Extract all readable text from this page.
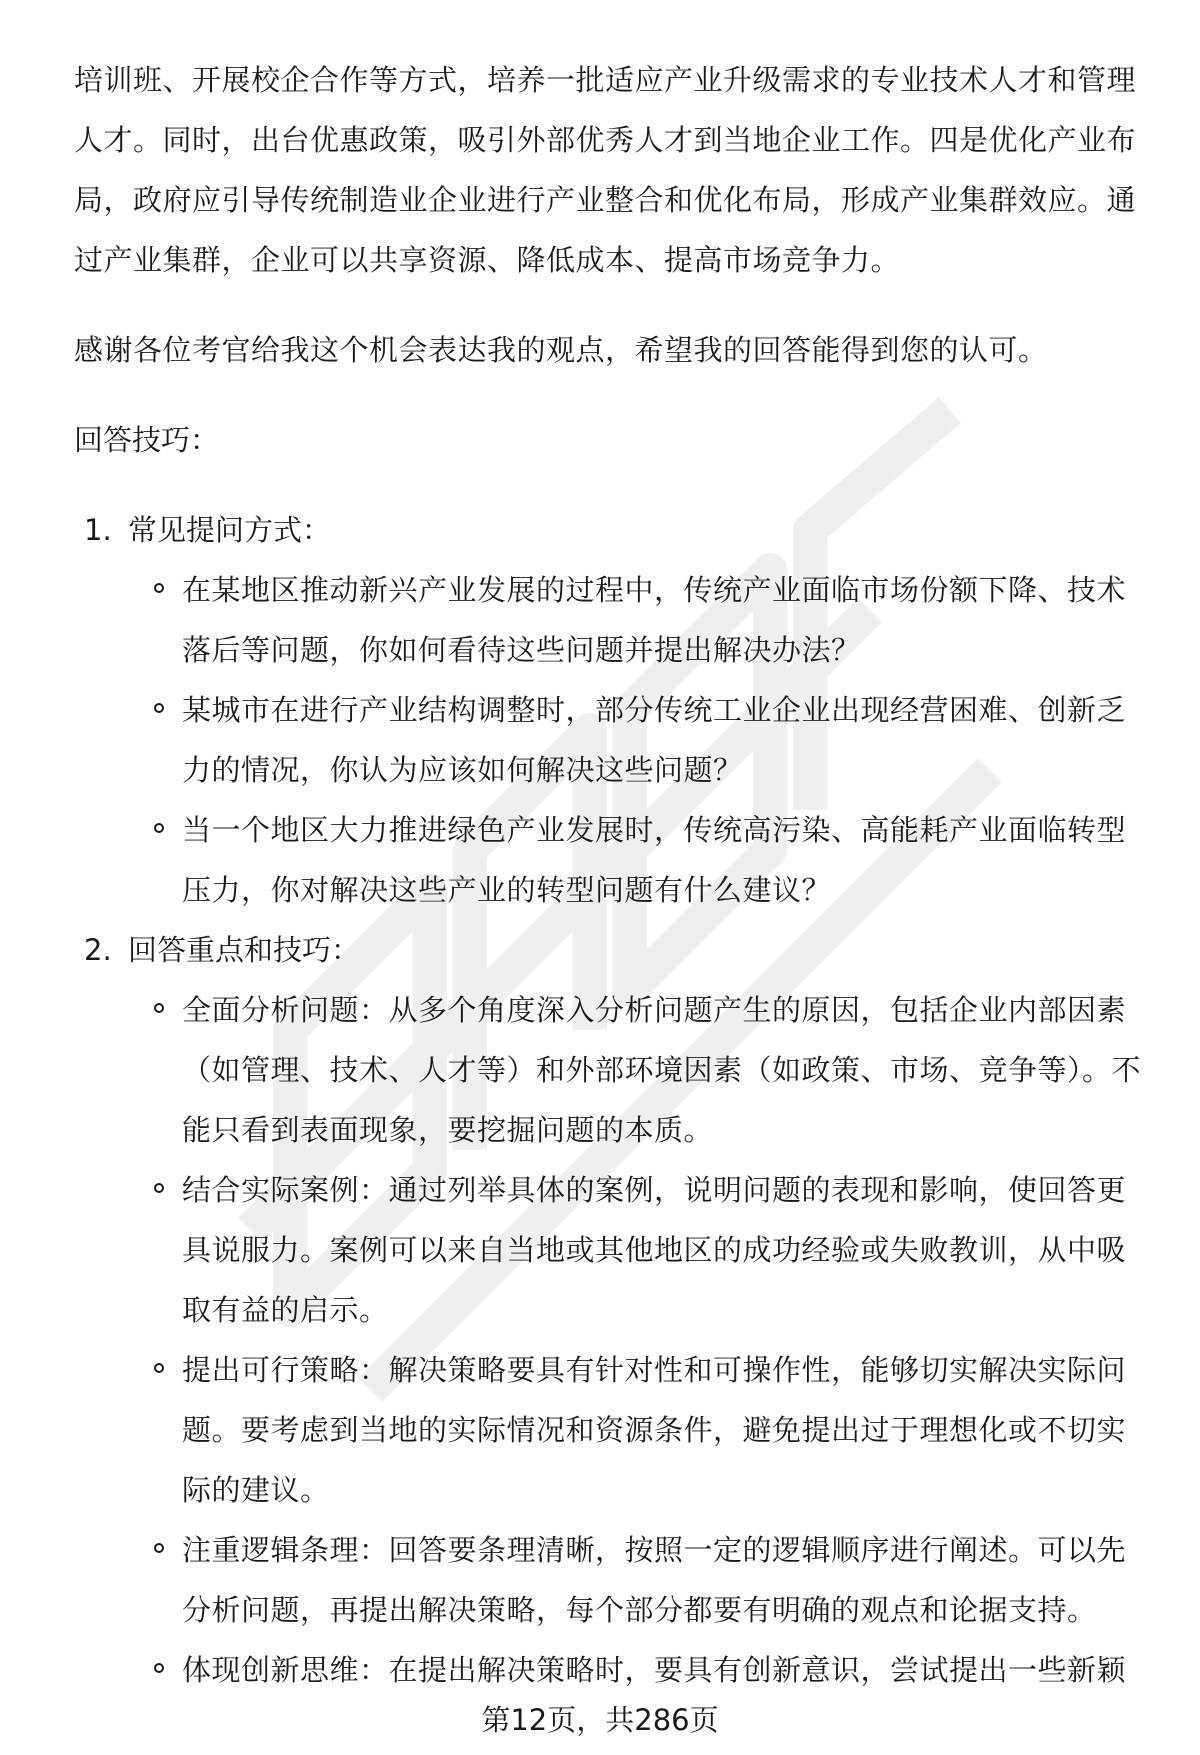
培训班、开展校企合作等方式，培养一批适应产业升级需求的专业技术人才和管理人才。同时，出台优惠政策，吸引外部优秀人才到当地企业工作。四是优化产业布局，政府应引导传统制造业企业进行产业整合和优化布局，形成产业集群效应。通过产业集群，企业可以共享资源、降低成本、提高市场竞争力。

感谢各位考官给我这个机会表达我的观点，希望我的回答能得到您的认可。

回答技巧：

1. 常见提问方式：
在某地区推动新兴产业发展的过程中，传统产业面临市场份额下降、技术落后等问题，你如何看待这些问题并提出解决办法？
某城市在进行产业结构调整时，部分传统工业企业出现经营困难、创新乏力的情况，你认为应该如何解决这些问题？
当一个地区大力推进绿色产业发展时，传统高污染、高能耗产业面临转型压力，你对解决这些产业的转型问题有什么建议？
2. 回答重点和技巧：
全面分析问题：从多个角度深入分析问题产生的原因，包括企业内部因素（如管理、技术、人才等）和外部环境因素（如政策、市场、竞争等）。不能只看到表面现象，要挖掘问题的本质。
结合实际案例：通过列举具体的案例，说明问题的表现和影响，使回答更具说服力。案例可以来自当地或其他地区的成功经验或失败教训，从中吸取有益的启示。
提出可行策略：解决策略要具有针对性和可操作性，能够切实解决实际问题。要考虑到当地的实际情况和资源条件，避免提出过于理想化或不切实际的建议。
注重逻辑条理：回答要条理清晰，按照一定的逻辑顺序进行阐述。可以先分析问题，再提出解决策略，每个部分都要有明确的观点和论据支持。
体现创新思维：在提出解决策略时，要具有创新意识，尝试提出一些新颖
第12页，共286页
